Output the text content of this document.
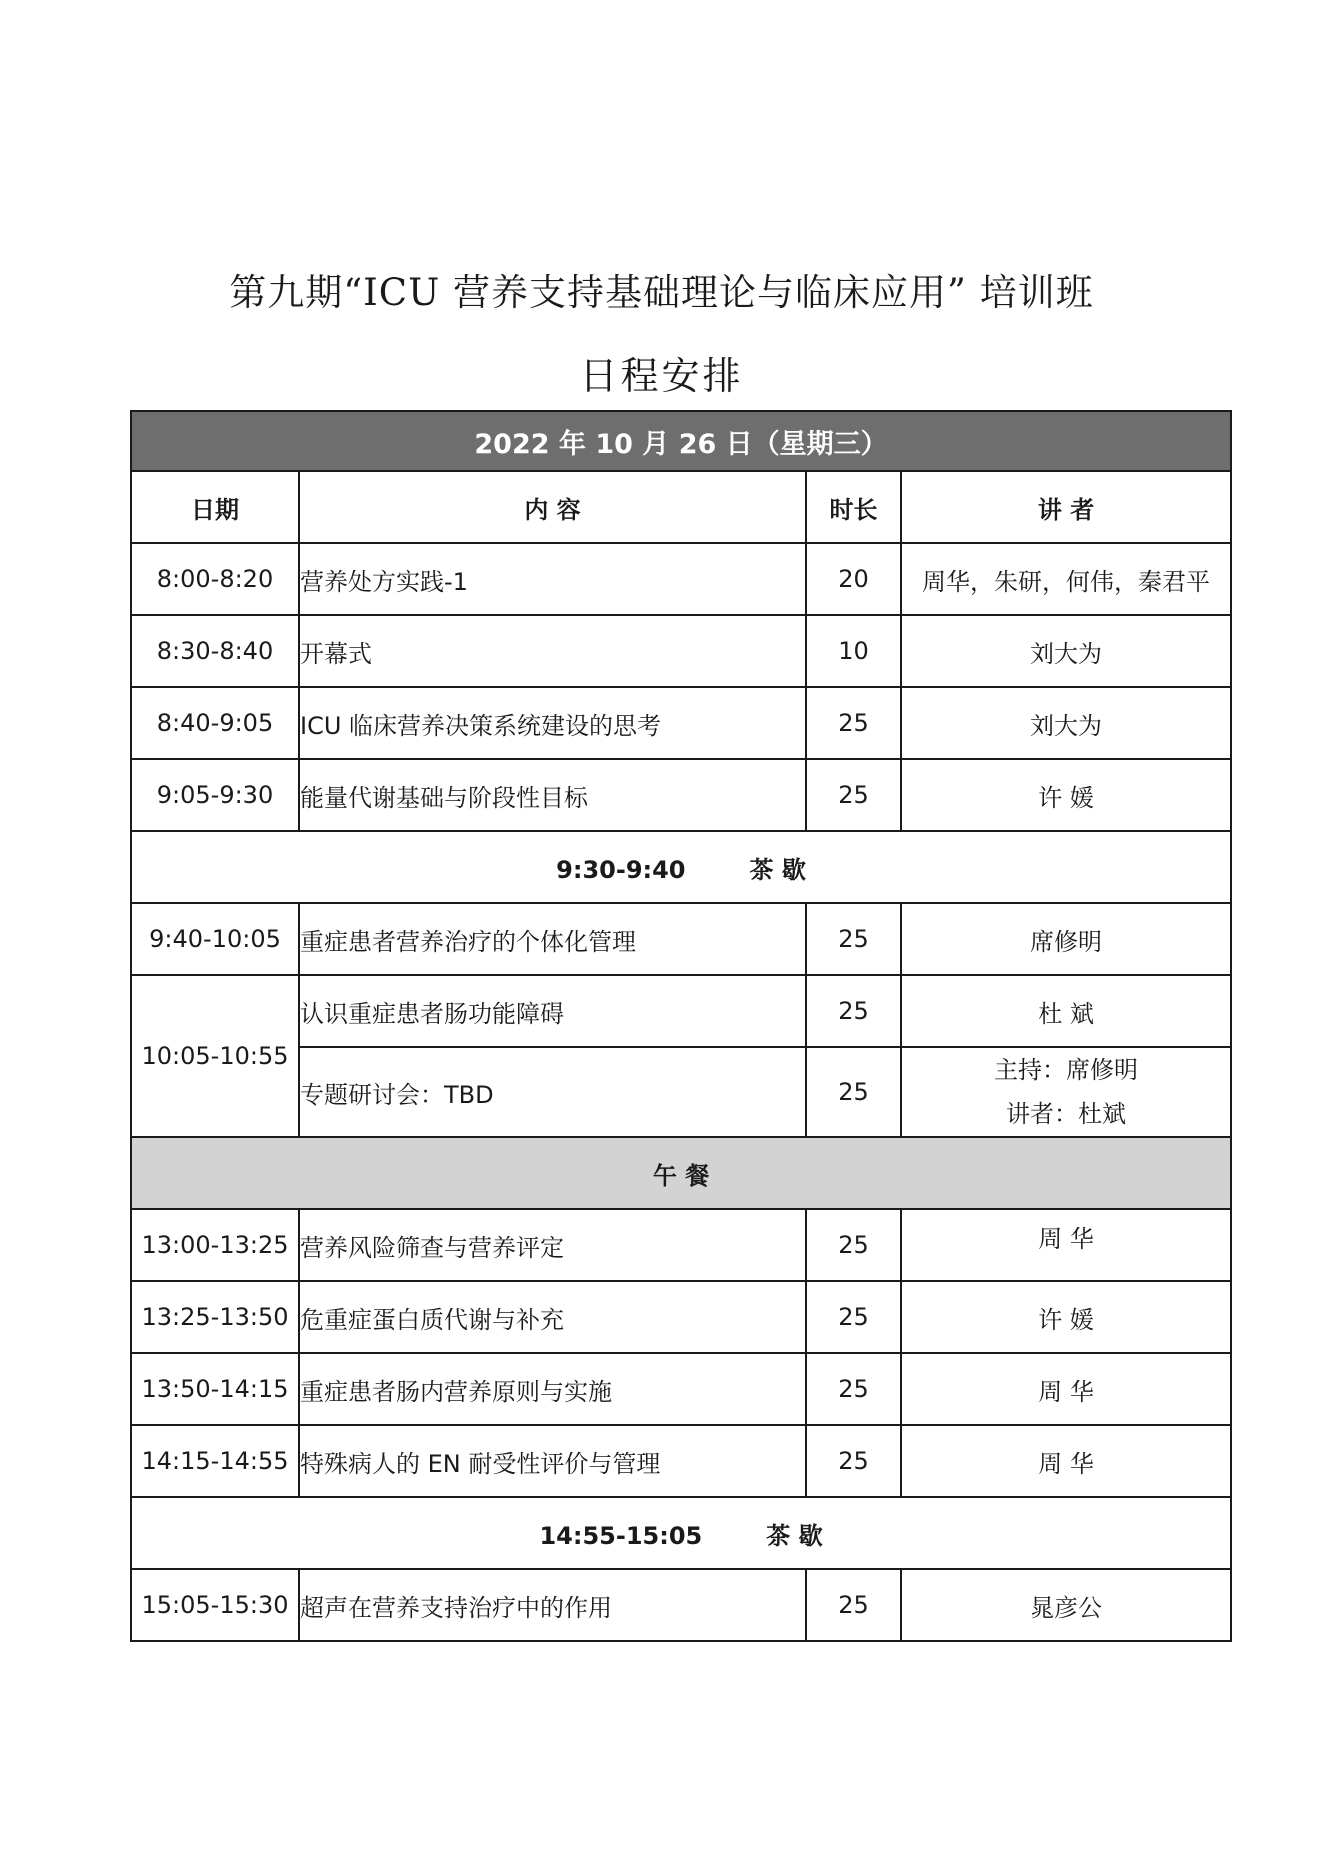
第九期“ICU 营养支持基础理论与临床应用” 培训班
日程安排
2022 年 10 月 26 日（星期三）			
日期	内 容	时长	讲 者
8:00-8:20	营养处方实践-1	20	周华，朱研，何伟，秦君平
8:30-8:40	开幕式	10	刘大为
8:40-9:05	ICU 临床营养决策系统建设的思考	25	刘大为
9:05-9:30	能量代谢基础与阶段性目标	25	许 媛
9:30-9:40 茶 歇			
9:40-10:05	重症患者营养治疗的个体化管理	25	席修明
10:05-10:55	认识重症患者肠功能障碍	25	杜 斌
	专题研讨会：TBD	25	主持：席修明
讲者：杜斌

午 餐			
13:00-13:25	营养风险筛查与营养评定	25	周 华

13:25-13:50	危重症蛋白质代谢与补充	25	许 媛
13:50-14:15	重症患者肠内营养原则与实施	25	周 华
14:15-14:55	特殊病人的 EN 耐受性评价与管理	25	周 华
14:55-15:05 茶 歇			
15:05-15:30	超声在营养支持治疗中的作用	25	晁彦公
